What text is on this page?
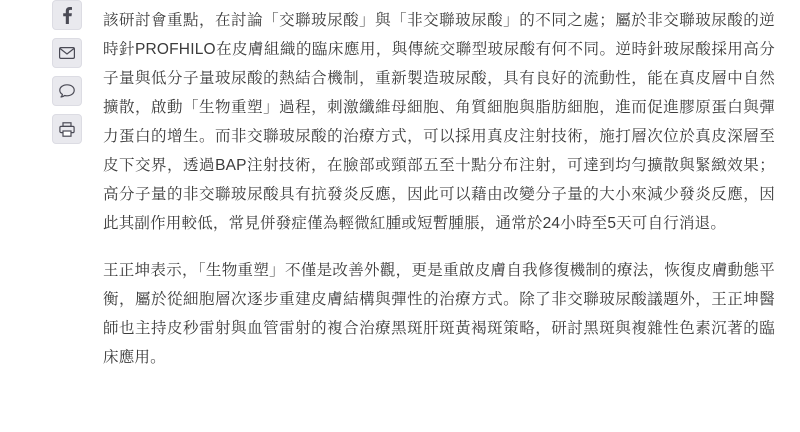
該研討會重點，在討論「交聯玻尿酸」與「非交聯玻尿酸」的不同之處；屬於非交聯玻尿酸的逆時針PROFHILO在皮膚組織的臨床應用，與傳統交聯型玻尿酸有何不同。逆時針玻尿酸採用高分子量與低分子量玻尿酸的熱結合機制，重新製造玻尿酸，具有良好的流動性，能在真皮層中自然擴散，啟動「生物重塑」過程，刺激纖維母細胞、角質細胞與脂肪細胞，進而促進膠原蛋白與彈力蛋白的增生。而非交聯玻尿酸的治療方式，可以採用真皮注射技術，施打層次位於真皮深層至皮下交界，透過BAP注射技術，在臉部或頸部五至十點分布注射，可達到均勻擴散與緊緻效果；高分子量的非交聯玻尿酸具有抗發炎反應，因此可以藉由改變分子量的大小來減少發炎反應，因此其副作用較低，常見併發症僅為輕微紅腫或短暫腫脹，通常於24小時至5天可自行消退。
王正坤表示，「生物重塑」不僅是改善外觀，更是重啟皮膚自我修復機制的療法，恢復皮膚動態平衡，屬於從細胞層次逐步重建皮膚結構與彈性的治療方式。除了非交聯玻尿酸議題外，王正坤醫師也主持皮秒雷射與血管雷射的複合治療黑斑肝斑黃褐斑策略，研討黑斑與複雜性色素沉著的臨床應用。
